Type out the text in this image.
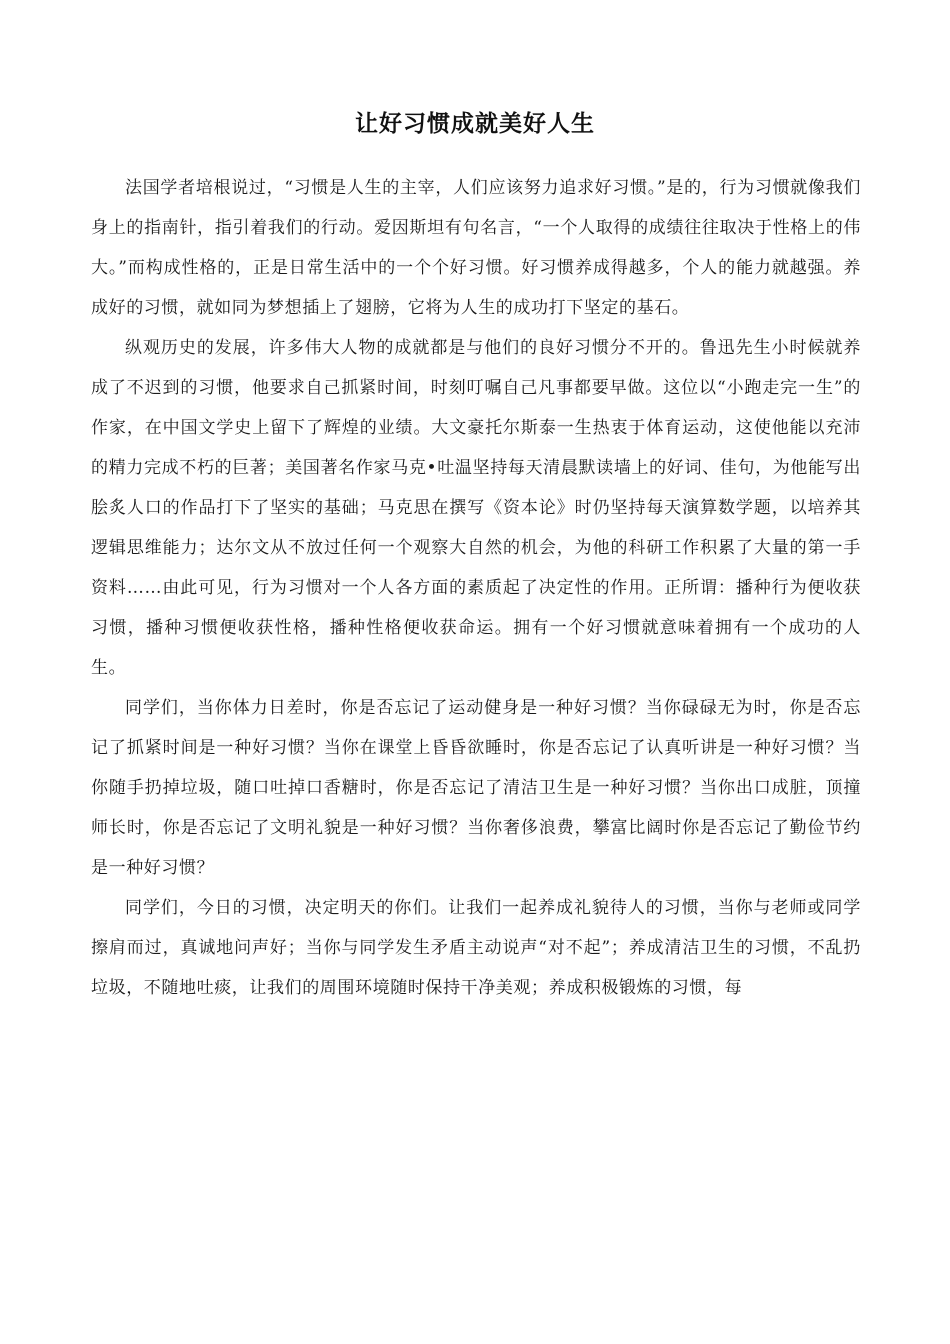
让好习惯成就美好人生

法国学者培根说过，“习惯是人生的主宰，人们应该努力追求好习惯。”是的，行为习惯就像我们身上的指南针，指引着我们的行动。爱因斯坦有句名言，“一个人取得的成绩往往取决于性格上的伟大。”而构成性格的，正是日常生活中的一个个好习惯。好习惯养成得越多，个人的能力就越强。养成好的习惯，就如同为梦想插上了翅膀，它将为人生的成功打下坚定的基石。

纵观历史的发展，许多伟大人物的成就都是与他们的良好习惯分不开的。鲁迅先生小时候就养成了不迟到的习惯，他要求自己抓紧时间，时刻叮嘱自己凡事都要早做。这位以“小跑走完一生”的作家，在中国文学史上留下了辉煌的业绩。大文豪托尔斯泰一生热衷于体育运动，这使他能以充沛的精力完成不朽的巨著；美国著名作家马克•吐温坚持每天清晨默读墙上的好词、佳句，为他能写出脍炙人口的作品打下了坚实的基础；马克思在撰写《资本论》时仍坚持每天演算数学题，以培养其逻辑思维能力；达尔文从不放过任何一个观察大自然的机会，为他的科研工作积累了大量的第一手资料……由此可见，行为习惯对一个人各方面的素质起了决定性的作用。正所谓：播种行为便收获习惯，播种习惯便收获性格，播种性格便收获命运。拥有一个好习惯就意味着拥有一个成功的人生。

同学们，当你体力日差时，你是否忘记了运动健身是一种好习惯？当你碌碌无为时，你是否忘记了抓紧时间是一种好习惯？当你在课堂上昏昏欲睡时，你是否忘记了认真听讲是一种好习惯？当你随手扔掉垃圾，随口吐掉口香糖时，你是否忘记了清洁卫生是一种好习惯？当你出口成脏，顶撞师长时，你是否忘记了文明礼貌是一种好习惯？当你奢侈浪费，攀富比阔时你是否忘记了勤俭节约是一种好习惯？

同学们，今日的习惯，决定明天的你们。让我们一起养成礼貌待人的习惯，当你与老师或同学擦肩而过，真诚地问声好；当你与同学发生矛盾主动说声“对不起”；养成清洁卫生的习惯，不乱扔垃圾，不随地吐痰，让我们的周围环境随时保持干净美观；养成积极锻炼的习惯，每
